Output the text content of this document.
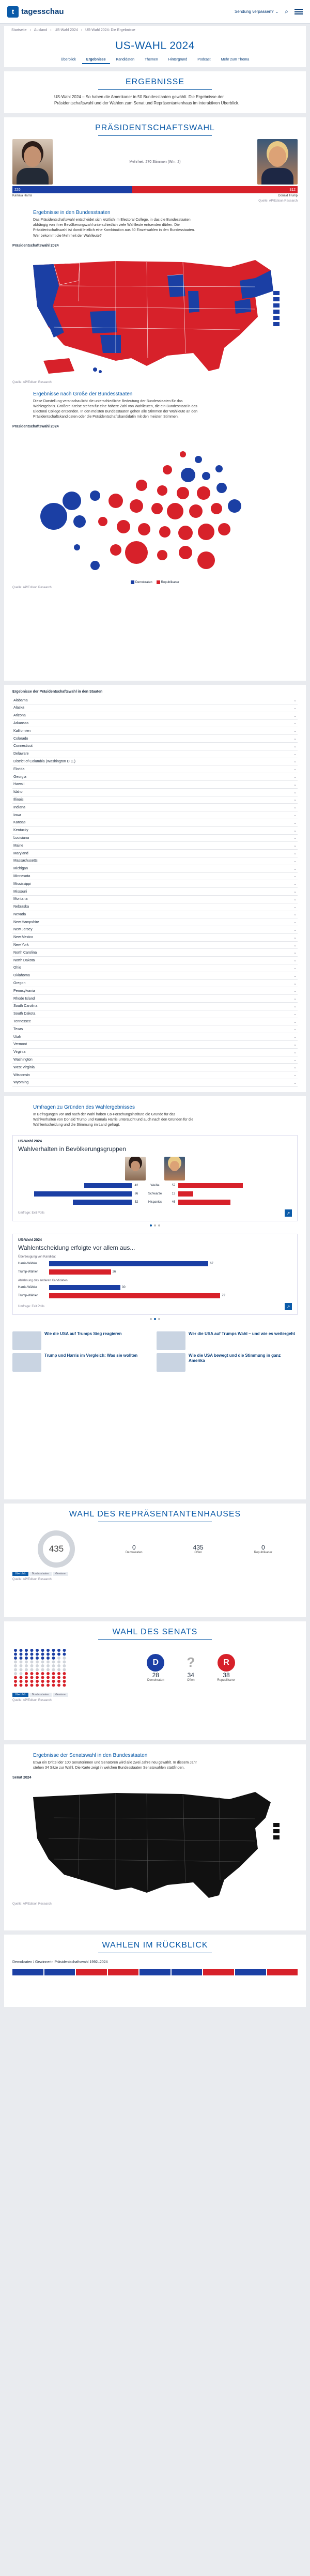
t tagesschau	Sendung verpassen? ⌄ ⌕
Startseite › Ausland › US-Wahl 2024 › US-Wahl 2024: Die Ergebnisse
US-WAHL 2024
Überblick	Ergebnisse	Kandidaten	Themen	Hintergrund	Podcast	Mehr zum Thema
ERGEBNISSE

US-Wahl 2024 – So haben die Amerikaner in 50 Bundesstaaten gewählt. Die Ergebnisse der Präsidentschaftswahl und der Wahlen zum Senat und Repräsentantenhaus im interaktiven Überblick.

PRÄSIDENTSCHAFTSWAHL
Mehrheit: 270 Stimmen (Wm: 2)
226	312
Kamala Harris	Donald Trump
Quelle: AP/Edison Research
Ergebnisse in den Bundesstaaten

Das Präsidentschaftswahl entscheidet sich letztlich im Electoral College, in das die Bundesstaaten abhängig von ihrer Bevölkerungszahl unterschiedlich viele Wahlleute entsenden dürfen. Die Präsidentschaftswahl ist damit letztlich eine Kombination aus 50 Einzelwahlen in den Bundesstaaten. Wer bekommt die Mehrheit der Wahlleute?

Präsidentschaftswahl 2024
Quelle: AP/Edison Research
Ergebnisse nach Größe der Bundesstaaten

Diese Darstellung veranschaulicht die unterschiedliche Bedeutung der Bundesstaaten für das Wahlergebnis. Größere Kreise stehen für eine höhere Zahl von Wahlleuten, die ein Bundesstaat in das Electoral College entsenden. In den meisten Bundesstaaten gehen alle Stimmen der Wahlleute an den Präsidentschaftskandidaten oder die Präsidentschaftskandidatin mit den meisten Stimmen.

Präsidentschaftswahl 2024
Demokraten	Republikaner
Quelle: AP/Edison Research
Ergebnisse der Präsidentschaftswahl in den Staaten
Alabama	⌄
Alaska	⌄
Arizona	⌄
Arkansas	⌄
Kalifornien	⌄
Colorado	⌄
Connecticut	⌄
Delaware	⌄
District of Columbia (Washington D.C.)	⌄
Florida	⌄
Georgia	⌄
Hawaii	⌄
Idaho	⌄
Illinois	⌄
Indiana	⌄
Iowa	⌄
Kansas	⌄
Kentucky	⌄
Louisiana	⌄
Maine	⌄
Maryland	⌄
Massachusetts	⌄
Michigan	⌄
Minnesota	⌄
Mississippi	⌄
Missouri	⌄
Montana	⌄
Nebraska	⌄
Nevada	⌄
New Hampshire	⌄
New Jersey	⌄
New Mexico	⌄
New York	⌄
North Carolina	⌄
North Dakota	⌄
Ohio	⌄
Oklahoma	⌄
Oregon	⌄
Pennsylvania	⌄
Rhode Island	⌄
South Carolina	⌄
South Dakota	⌄
Tennessee	⌄
Texas	⌄
Utah	⌄
Vermont	⌄
Virginia	⌄
Washington	⌄
West Virginia	⌄
Wisconsin	⌄
Wyoming	⌄
Umfragen zu Gründen des Wahlergebnisses

In Befragungen vor und nach der Wahl haben Co-Forschungsinstitute die Gründe für das Wahlverhalten von Donald Trump und Kamala Harris untersucht und auch nach den Gründen für die Wahlentscheidung und die Stimmung im Land gefragt.

US-Wahl 2024
Wahlverhalten in Bevölkerungsgruppen
42	Weiße	57
86	Schwarze	13
52	Hispanics	46
Umfrage: Exit Polls	↗
US-Wahl 2024
Wahlentscheidung erfolgte vor allem aus...
Überzeugung von Kandidat
Harris-Wähler	67
Trump-Wähler	26
Ablehnung des anderen Kandidaten
Harris-Wähler	30
Trump-Wähler	72
Umfrage: Exit Polls	↗
Wie die USA auf Trumps Sieg reagieren	Wer die USA auf Trumps Wahl – und wie es weitergeht
Trump und Harris im Vergleich: Was sie wollten	Wie die USA bewegt und die Stimmung in ganz Amerika
WAHL DES REPRÄSENTANTENHAUSES
435	0
Demokraten
435
Offen
0
Republikaner
Überblick	Bundesstaaten	Gewinne
Quelle: AP/Edison Research
WAHL DES SENATS
D
28
Demokraten
?
34
Offen
R
38
Republikaner
Überblick	Bundesstaaten	Gewinne
Quelle: AP/Edison Research
Ergebnisse der Senatswahl in den Bundesstaaten

Etwa ein Drittel der 100 Senatorinnen und Senatoren wird alle zwei Jahre neu gewählt. In diesem Jahr stehen 34 Sitze zur Wahl. Die Karte zeigt in welchen Bundesstaaten Senatswahlen stattfinden.

Senat 2024
Quelle: AP/Edison Research
WAHLEN IM RÜCKBLICK
Demokraten / Gewinnerin Präsidentschaftswahl 1992–2024
